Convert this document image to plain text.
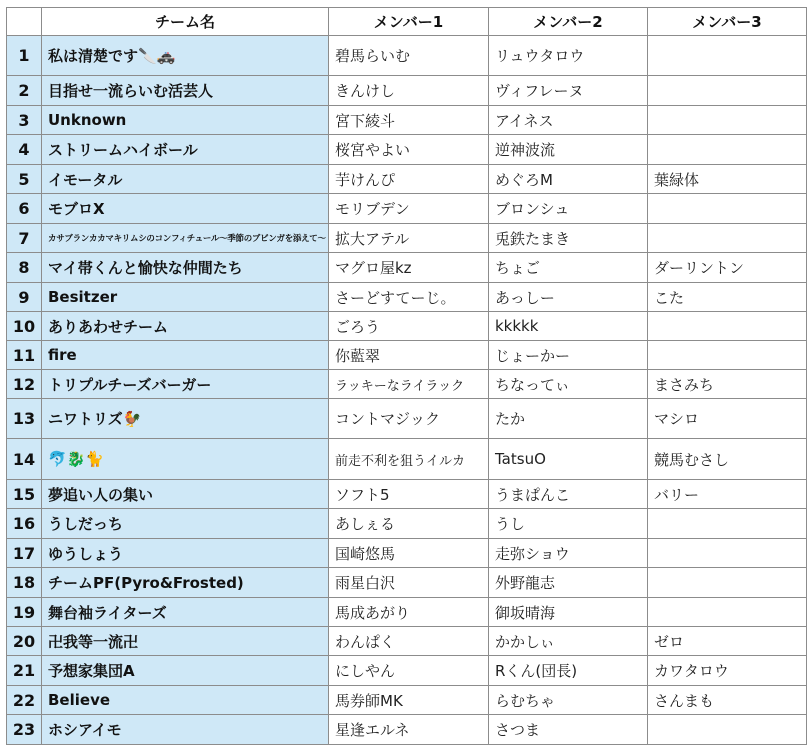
	チーム名	メンバー1	メンバー2	メンバー3
1	私は清楚です🔪🚓	碧馬らいむ	リュウタロウ	
2	目指せ一流らいむ活芸人	きんけし	ヴィフレーヌ	
3	Unknown	宮下綾斗	アイネス	
4	ストリームハイボール	桜宮やよい	逆神波流	
5	イモータル	芋けんぴ	めぐろM	葉緑体
6	モブロX	モリブデン	ブロンシュ	
7	カサブランカカマキリムシのコンフィチュール〜季節のブビンガを添えて〜	拡大アテル	兎鉄たまき	
8	マイ帯くんと愉快な仲間たち	マグロ屋kz	ちょご	ダーリントン
9	Besitzer	さーどすてーじ。	あっしー	こた
10	ありあわせチーム	ごろう	kkkkk	
11	fire	你藍翠	じょーかー	
12	トリプルチーズバーガー	ラッキーなライラック	ちなってぃ	まさみち
13	ニワトリズ🐓	コントマジック	たか	マシロ
14	🐬🐉🐈	前走不利を狙うイルカ	TatsuO	競馬むさし
15	夢追い人の集い	ソフト5	うまぱんこ	バリー
16	うしだっち	あしぇる	うし	
17	ゆうしょう	国崎悠馬	走弥ショウ	
18	チームPF(Pyro&Frosted)	雨星白沢	外野龍志	
19	舞台袖ライターズ	馬成あがり	御坂晴海	
20	卍我等一流卍	わんぱく	かかしぃ	ゼロ
21	予想家集団A	にしやん	Rくん(団長)	カワタロウ
22	Believe	馬券師MK	らむちゃ	さんまも
23	ホシアイモ	星逢エルネ	さつま	
